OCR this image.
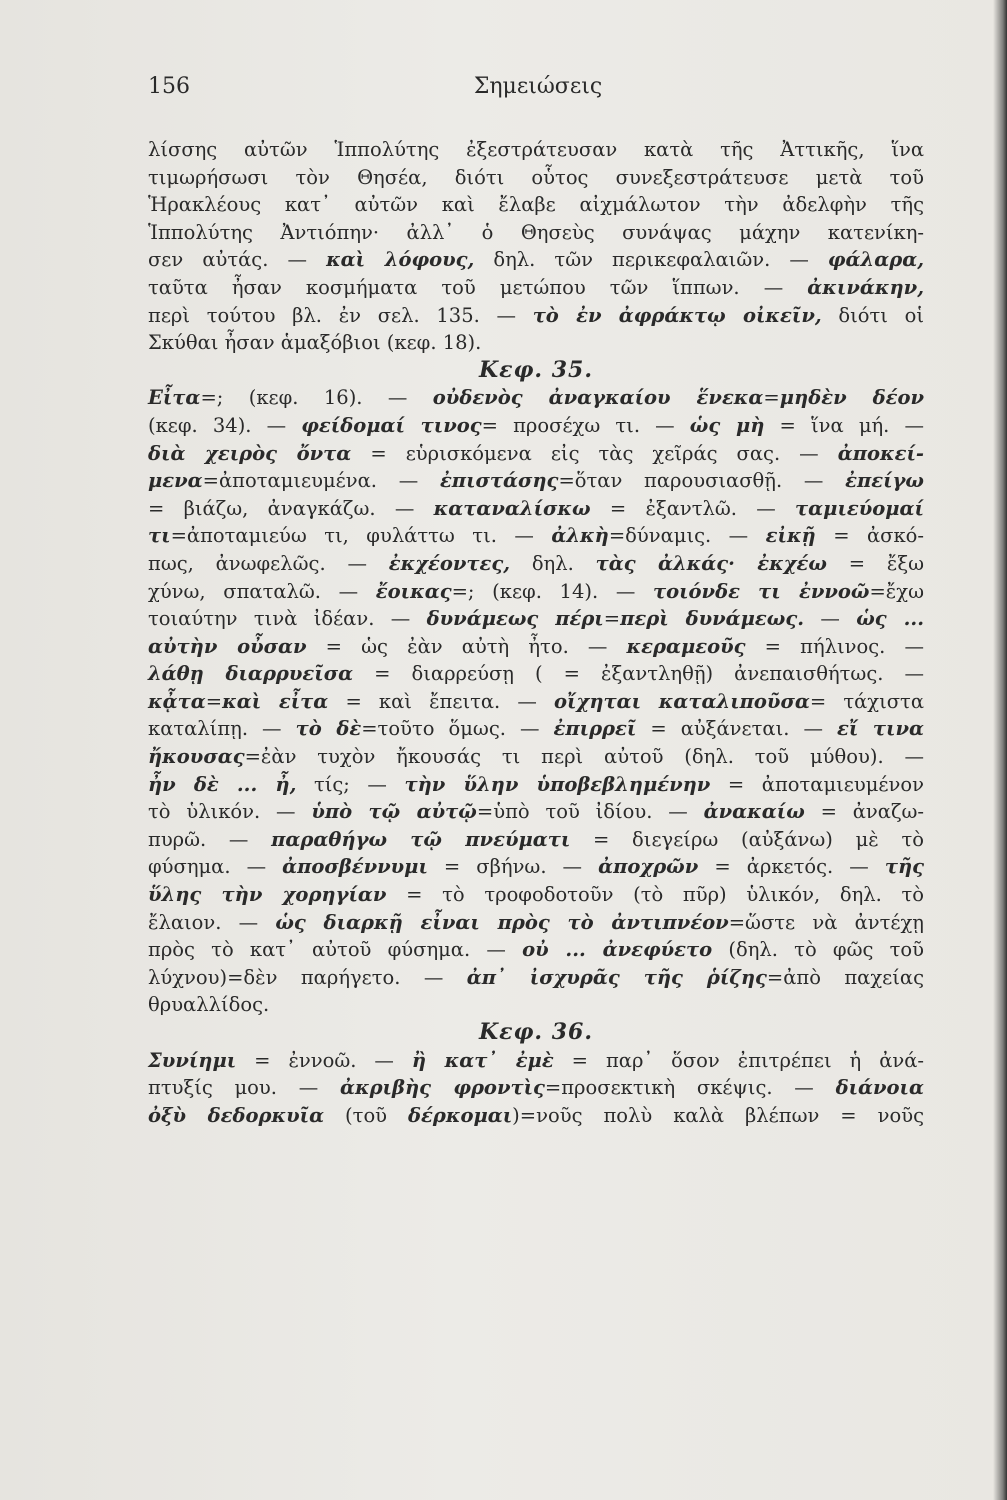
156	Σημειώσεις
λίσσης αὐτῶν Ἱππολύτης ἐξεστράτευσαν κατὰ τῆς Ἀττικῆς, ἵνα
τιμωρήσωσι τὸν Θησέα, διότι οὗτος συνεξεστράτευσε μετὰ τοῦ
Ἡρακλέους κατ᾽ αὐτῶν καὶ ἔλαβε αἰχμάλωτον τὴν ἀδελφὴν τῆς
Ἱππολύτης Ἀντιόπην· ἀλλ᾽ ὁ Θησεὺς συνάψας μάχην κατενίκη-
σεν αὐτάς. — καὶ λόφους, δηλ. τῶν περικεφαλαιῶν. — φάλαρα,
ταῦτα ἦσαν κοσμήματα τοῦ μετώπου τῶν ἵππων. — ἀκινάκην,
περὶ τούτου βλ. ἐν σελ. 135. — τὸ ἐν ἀφράκτῳ οἰκεῖν, διότι οἱ
Σκύθαι ἦσαν ἁμαξόβιοι (κεφ. 18).
Κεφ. 35.
Εἶτα=; (κεφ. 16). — οὐδενὸς ἀναγκαίου ἕνεκα=μηδὲν δέον
(κεφ. 34). — φείδομαί τινος= προσέχω τι. — ὡς μὴ = ἵνα μή. —
διὰ χειρὸς ὄντα = εὑρισκόμενα εἰς τὰς χεῖράς σας. — ἀποκεί-
μενα=ἀποταμιευμένα. — ἐπιστάσης=ὅταν παρουσιασθῇ. — ἐπείγω
= βιάζω, ἀναγκάζω. — καταναλίσκω = ἐξαντλῶ. — ταμιεύομαί
τι=ἀποταμιεύω τι, φυλάττω τι. — ἀλκὴ=δύναμις. — εἰκῇ = ἀσκό-
πως, ἀνωφελῶς. — ἐκχέοντες, δηλ. τὰς ἀλκάς· ἐκχέω = ἔξω
χύνω, σπαταλῶ. — ἔοικας=; (κεφ. 14). — τοιόνδε τι ἐννοῶ=ἔχω
τοιαύτην τινὰ ἰδέαν. — δυνάμεως πέρι=περὶ δυνάμεως. — ὡς ...
αὐτὴν οὖσαν = ὡς ἐὰν αὐτὴ ἦτο. — κεραμεοῦς = πήλινος. —
λάθῃ διαρρυεῖσα = διαρρεύσῃ ( = ἐξαντληθῇ) ἀνεπαισθήτως. —
κᾆτα=καὶ εἶτα = καὶ ἔπειτα. — οἴχηται καταλιποῦσα= τάχιστα
καταλίπῃ. — τὸ δὲ=τοῦτο ὅμως. — ἐπιρρεῖ = αὐξάνεται. — εἴ τινα
ἤκουσας=ἐὰν τυχὸν ἤκουσάς τι περὶ αὐτοῦ (δηλ. τοῦ μύθου). —
ἦν δὲ ... ἦ, τίς; — τὴν ὕλην ὑποβεβλημένην = ἀποταμιευμένον
τὸ ὑλικόν. — ὑπὸ τῷ αὐτῷ=ὑπὸ τοῦ ἰδίου. — ἀνακαίω = ἀναζω-
πυρῶ. — παραθήγω τῷ πνεύματι = διεγείρω (αὐξάνω) μὲ τὸ
φύσημα. — ἀποσβέννυμι = σβήνω. — ἀποχρῶν = ἀρκετός. — τῆς
ὕλης τὴν χορηγίαν = τὸ τροφοδοτοῦν (τὸ πῦρ) ὑλικόν, δηλ. τὸ
ἔλαιον. — ὡς διαρκῇ εἶναι πρὸς τὸ ἀντιπνέον=ὥστε νὰ ἀντέχῃ
πρὸς τὸ κατ᾽ αὐτοῦ φύσημα. — οὐ ... ἀνεφύετο (δηλ. τὸ φῶς τοῦ
λύχνου)=δὲν παρήγετο. — ἀπ᾽ ἰσχυρᾶς τῆς ῥίζης=ἀπὸ παχείας
θρυαλλίδος.
Κεφ. 36.
Συνίημι = ἐννοῶ. — ἢ κατ᾽ ἐμὲ = παρ᾽ ὅσον ἐπιτρέπει ἡ ἀνά-
πτυξίς μου. — ἀκριβὴς φροντὶς=προσεκτικὴ σκέψις. — διάνοια
ὀξὺ δεδορκυῖα (τοῦ δέρκομαι)=νοῦς πολὺ καλὰ βλέπων = νοῦς
